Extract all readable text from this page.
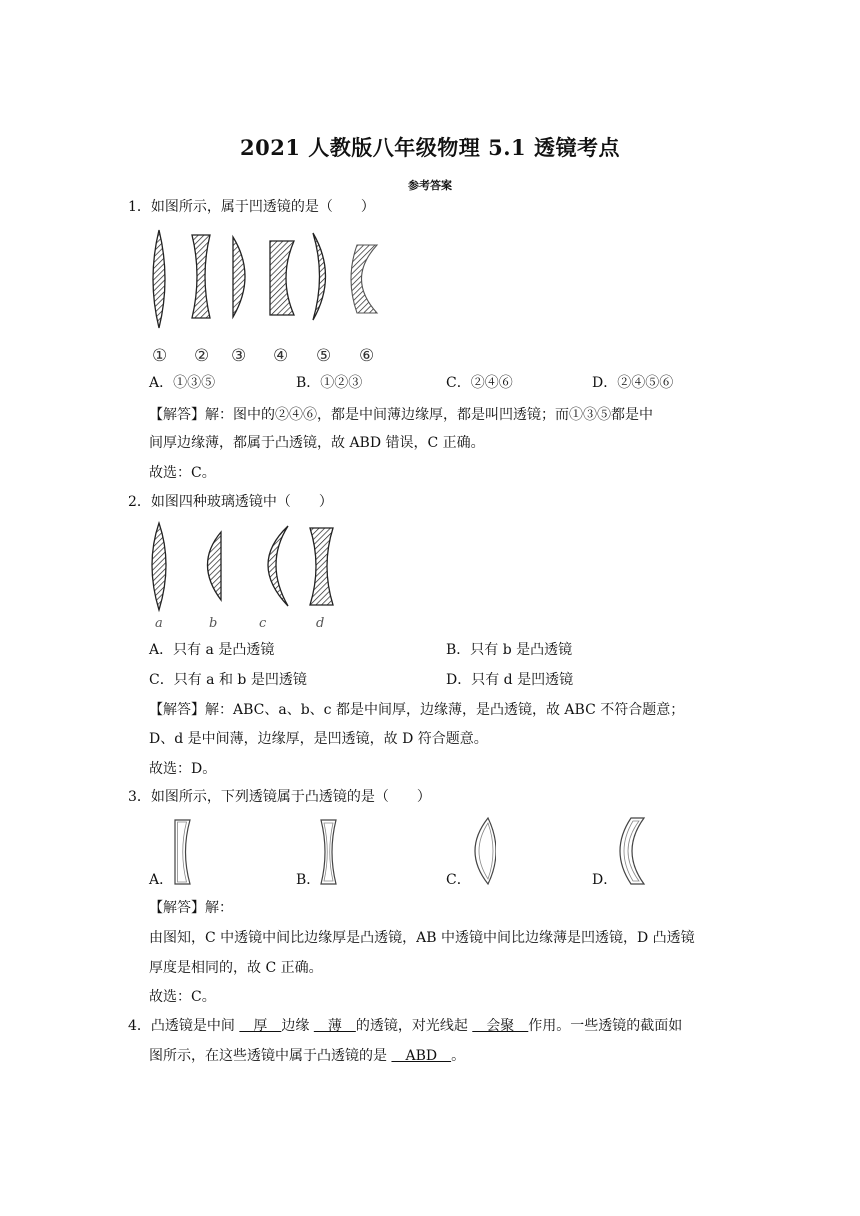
2021 人教版八年级物理 5.1 透镜考点
参考答案
1．如图所示，属于凹透镜的是（　　）
① ② ③ ④ ⑤ ⑥
A．①③⑤	B．①②③	C．②④⑥	D．②④⑤⑥
【解答】解：图中的②④⑥，都是中间薄边缘厚，都是叫凹透镜；而①③⑤都是中
间厚边缘薄，都属于凸透镜，故 ABD 错误，C 正确。
故选：C。
2．如图四种玻璃透镜中（　　）
a	b	c	d
A．只有 a 是凸透镜	B．只有 b 是凸透镜
C．只有 a 和 b 是凹透镜	D．只有 d 是凹透镜
【解答】解：ABC、a、b、c 都是中间厚，边缘薄，是凸透镜，故 ABC 不符合题意；
D、d 是中间薄，边缘厚，是凹透镜，故 D 符合题意。
故选：D。
3．如图所示，下列透镜属于凸透镜的是（　　）
A．	B．	C．	D．
【解答】解：
由图知，C 中透镜中间比边缘厚是凸透镜，AB 中透镜中间比边缘薄是凹透镜，D 凸透镜
厚度是相同的，故 C 正确。
故选：C。
4．凸透镜是中间 　厚　边缘 　薄　的透镜，对光线起 　会聚　作用。一些透镜的截面如
图所示，在这些透镜中属于凸透镜的是 　ABD　。
